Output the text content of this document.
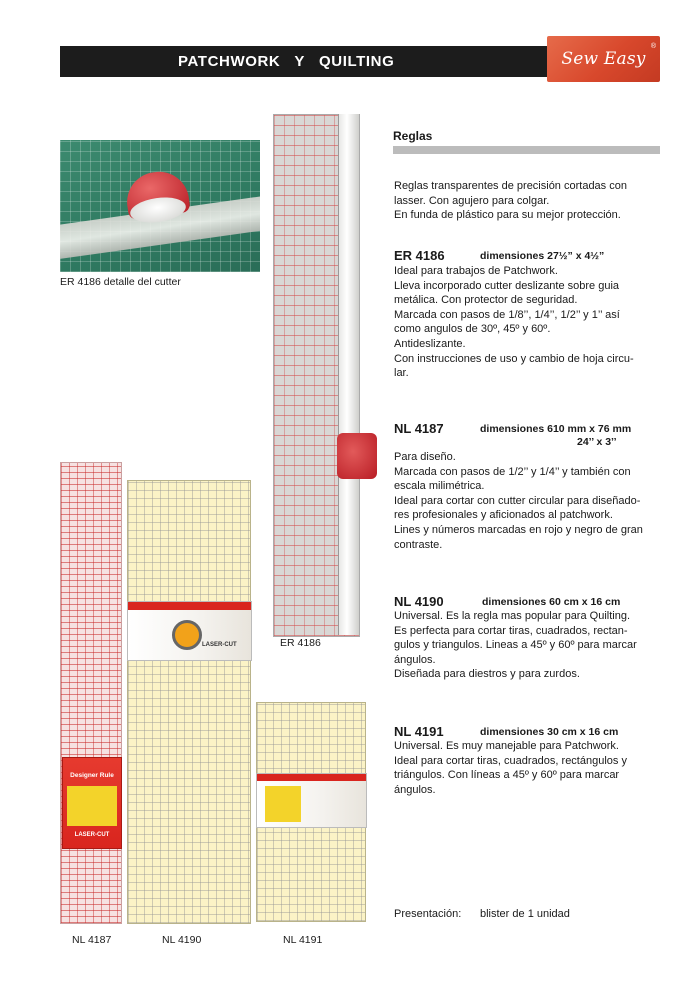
PATCHWORK   Y   QUILTING	Sew Easy
®
ER 4186 detalle del cutter
ER 4186
Designer Rule
LASER-CUT
NL 4187
LASER-CUT
NL 4190	NL 4191
Reglas
Reglas transparentes de precisión cortadas con
lasser. Con agujero para colgar.
En funda de plástico para su mejor protección.
ER 4186	dimensiones 27½” x 4½”
Ideal para trabajos de Patchwork.
Lleva incorporado cutter deslizante sobre guia
metálica. Con protector de seguridad.
Marcada con pasos de 1/8’’, 1/4’’, 1/2’’ y 1’’ así
como angulos de 30º, 45º y 60º.
Antideslizante.
Con instrucciones de uso y cambio de hoja circu-
lar.
NL 4187	dimensiones 610 mm x 76 mm
24’’ x 3’’
Para diseño.
Marcada con pasos de 1/2’’ y 1/4’’ y también con
escala milimétrica.
Ideal para cortar con cutter circular para diseñado-
res profesionales y aficionados al patchwork.
Lines y números marcadas en rojo y negro de gran
contraste.
NL 4190	dimensiones 60 cm x 16 cm
Universal. Es la regla mas popular para Quilting.
Es perfecta para cortar tiras, cuadrados, rectan-
gulos y triangulos. Lineas a 45º y 60º para marcar
ángulos.
Diseñada para diestros y para zurdos.
NL 4191	dimensiones 30 cm x 16 cm
Universal. Es muy manejable para Patchwork.
Ideal para cortar tiras, cuadrados, rectángulos y
triángulos. Con líneas a 45º y 60º para marcar
ángulos.
Presentación: blister de 1 unidad
